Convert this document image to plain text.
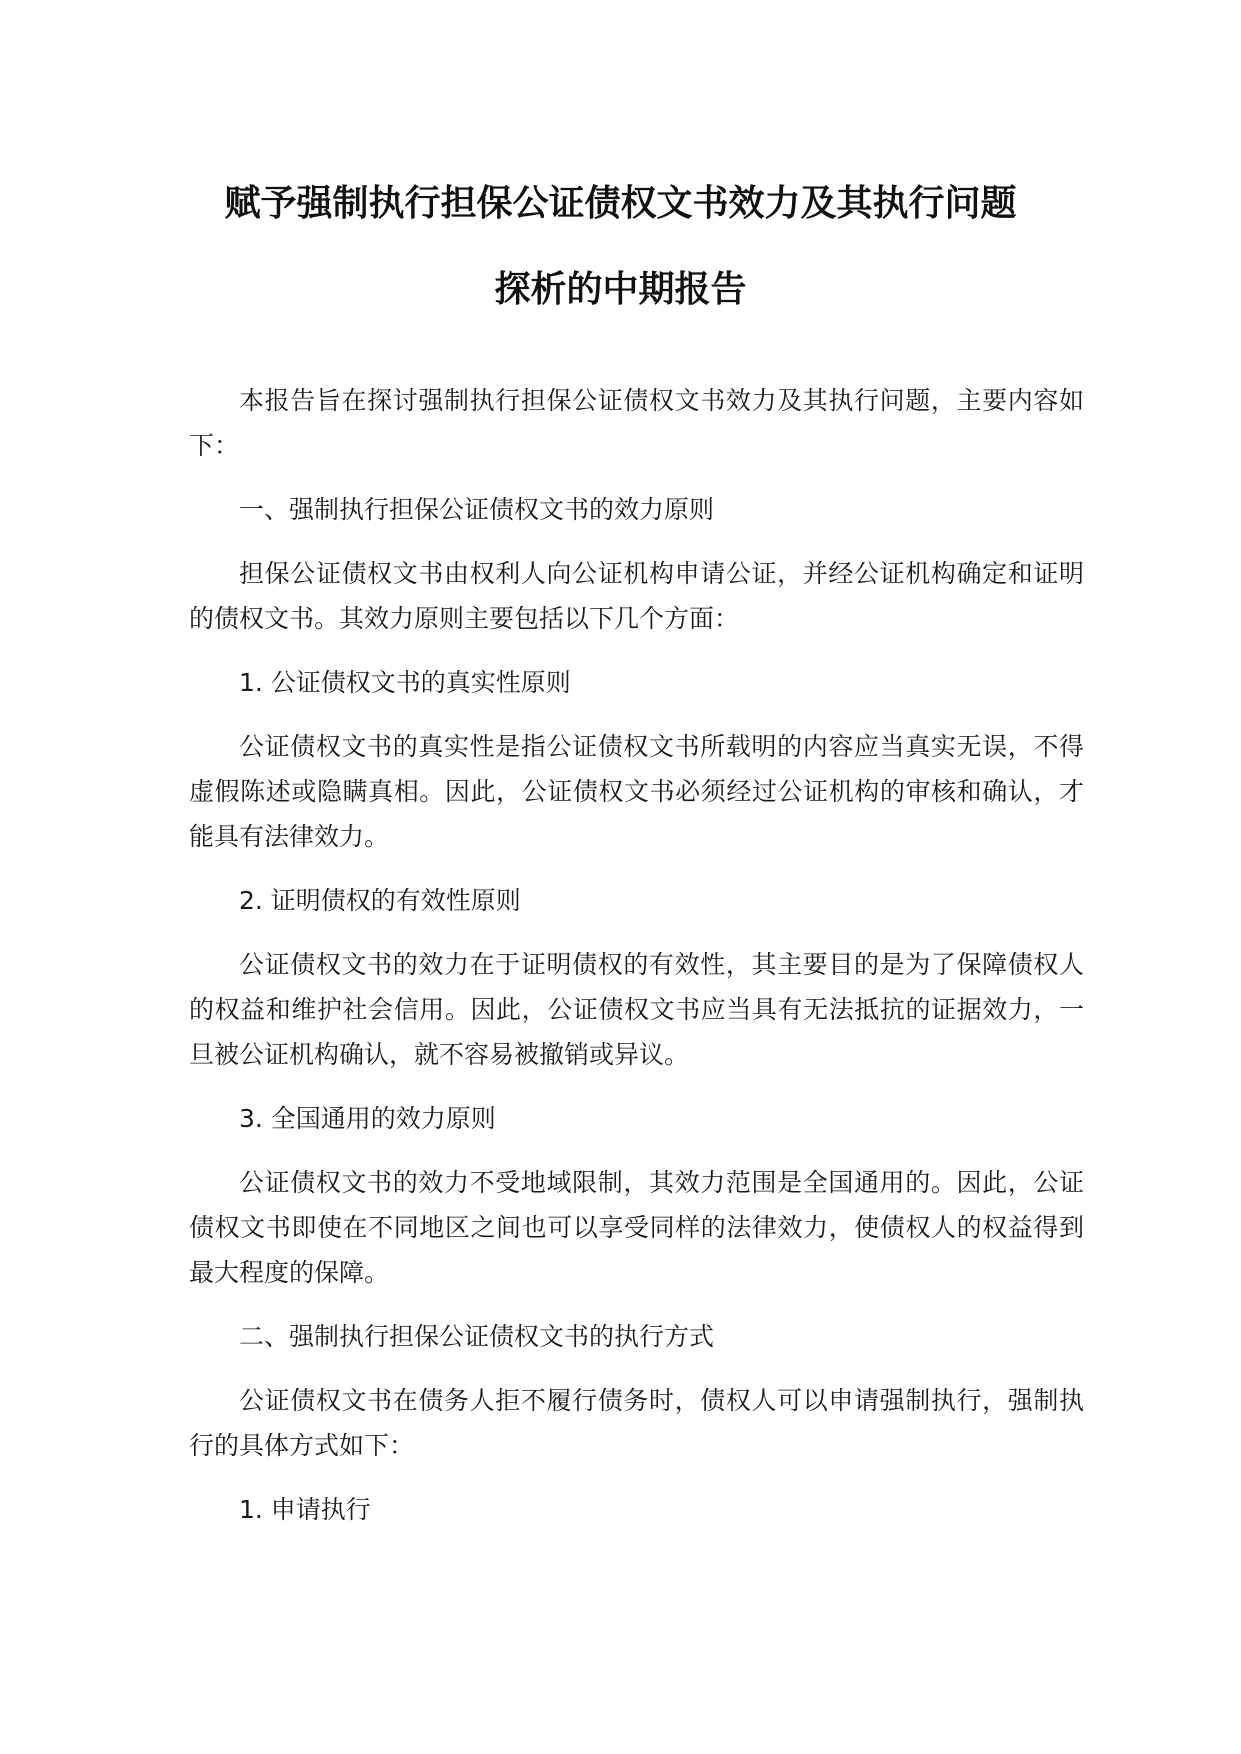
赋予强制执行担保公证债权文书效力及其执行问题
探析的中期报告

本报告旨在探讨强制执行担保公证债权文书效力及其执行问题，主要内容如下：

一、强制执行担保公证债权文书的效力原则

担保公证债权文书由权利人向公证机构申请公证，并经公证机构确定和证明的债权文书。其效力原则主要包括以下几个方面：

1. 公证债权文书的真实性原则

公证债权文书的真实性是指公证债权文书所载明的内容应当真实无误，不得虚假陈述或隐瞒真相。因此，公证债权文书必须经过公证机构的审核和确认，才能具有法律效力。

2. 证明债权的有效性原则

公证债权文书的效力在于证明债权的有效性，其主要目的是为了保障债权人的权益和维护社会信用。因此，公证债权文书应当具有无法抵抗的证据效力，一旦被公证机构确认，就不容易被撤销或异议。

3. 全国通用的效力原则

公证债权文书的效力不受地域限制，其效力范围是全国通用的。因此，公证债权文书即使在不同地区之间也可以享受同样的法律效力，使债权人的权益得到最大程度的保障。

二、强制执行担保公证债权文书的执行方式

公证债权文书在债务人拒不履行债务时，债权人可以申请强制执行，强制执行的具体方式如下：

1. 申请执行
